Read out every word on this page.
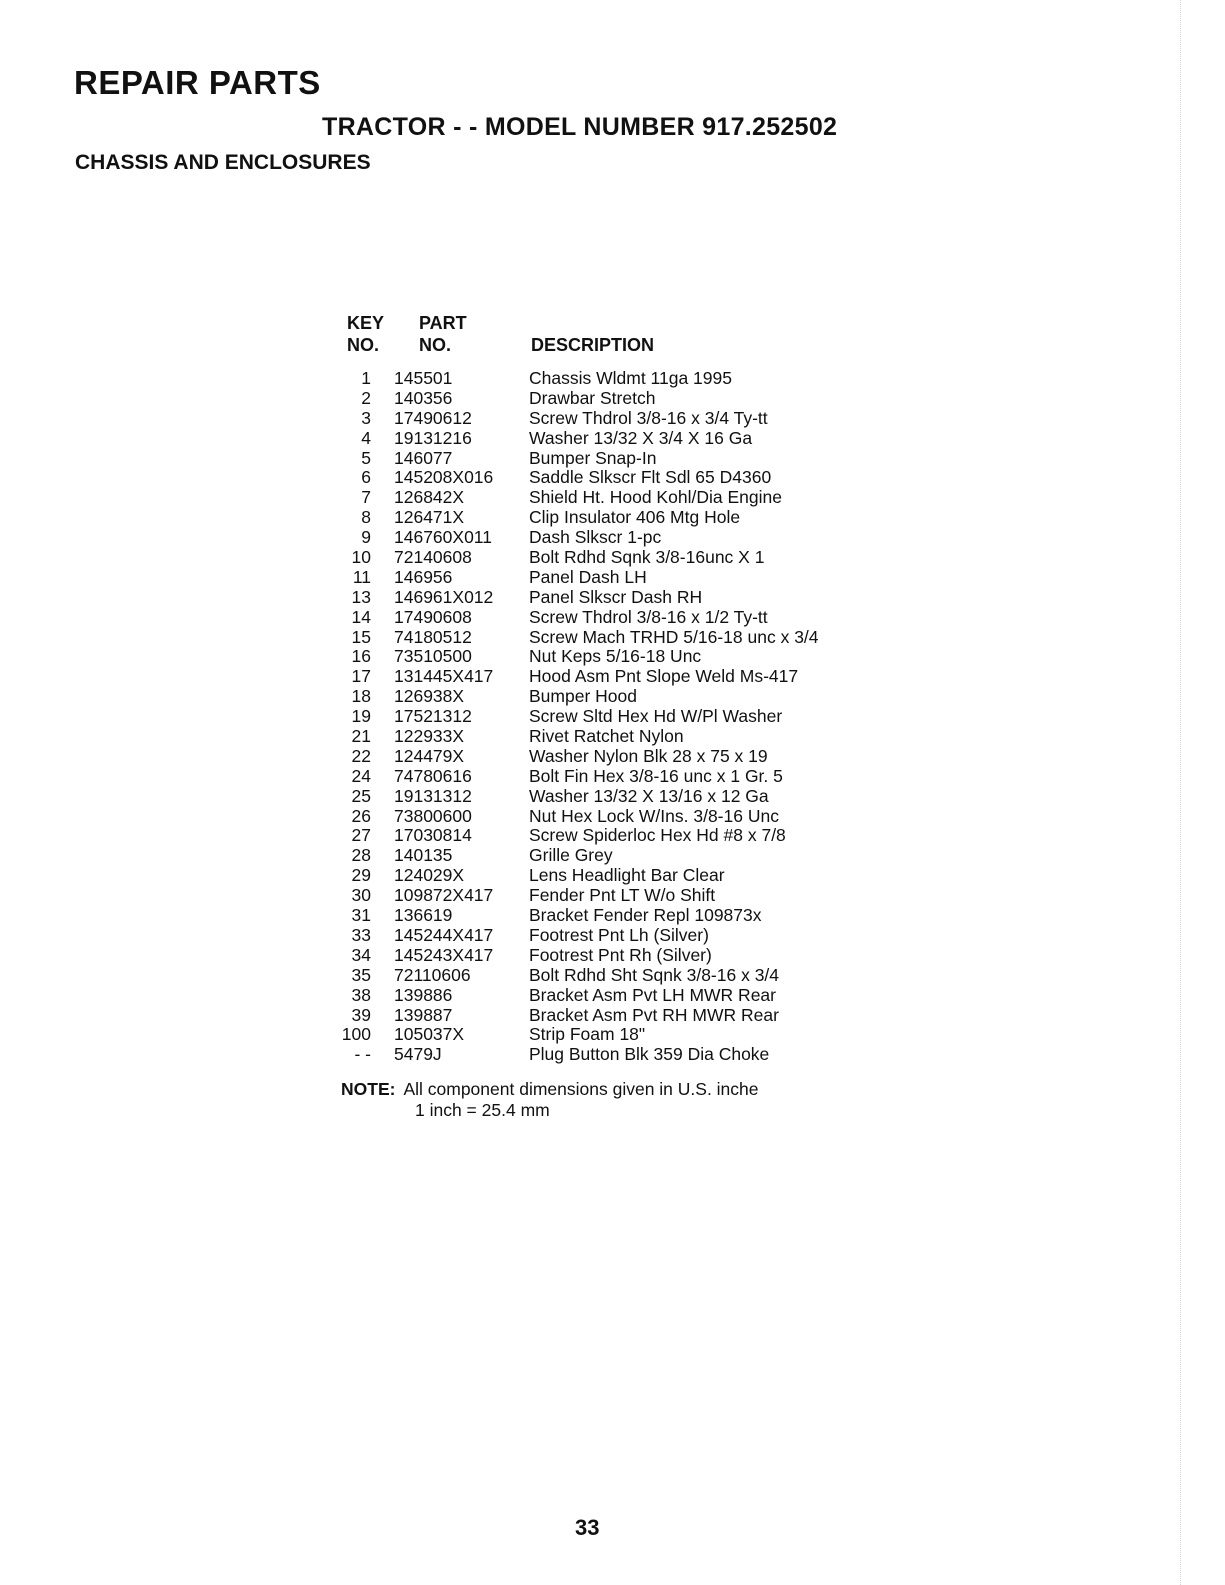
REPAIR PARTS
TRACTOR - - MODEL NUMBER 917.252502
CHASSIS AND ENCLOSURES
KEY
NO.
PART
NO.	DESCRIPTION
1 145501	Chassis Wldmt 11ga 1995
2 140356	Drawbar Stretch
3 17490612	Screw Thdrol 3/8-16 x 3/4 Ty-tt
4 19131216	Washer 13/32 X 3/4 X 16 Ga
5 146077	Bumper Snap-In
6 145208X016 Saddle Slkscr Flt Sdl 65 D4360
7 126842X	Shield Ht. Hood Kohl/Dia Engine
8 126471X	Clip Insulator 406 Mtg Hole
9 146760X011 Dash Slkscr 1-pc
10 72140608	Bolt Rdhd Sqnk 3/8-16unc X 1
11 146956	Panel Dash LH
13 146961X012 Panel Slkscr Dash RH
14 17490608	Screw Thdrol 3/8-16 x 1/2 Ty-tt
15 74180512	Screw Mach TRHD 5/16-18 unc x 3/4
16 73510500	Nut Keps 5/16-18 Unc
17 131445X417 Hood Asm Pnt Slope Weld Ms-417
18 126938X	Bumper Hood
19 17521312	Screw Sltd Hex Hd W/Pl Washer
21 122933X	Rivet Ratchet Nylon
22 124479X	Washer Nylon Blk 28 x 75 x 19
24 74780616	Bolt Fin Hex 3/8-16 unc x 1 Gr. 5
25 19131312	Washer 13/32 X 13/16 x 12 Ga
26 73800600	Nut Hex Lock W/Ins. 3/8-16 Unc
27 17030814	Screw Spiderloc Hex Hd #8 x 7/8
28 140135	Grille Grey
29 124029X	Lens Headlight Bar Clear
30 109872X417 Fender Pnt LT W/o Shift
31 136619	Bracket Fender Repl 109873x
33 145244X417 Footrest Pnt Lh (Silver)
34 145243X417 Footrest Pnt Rh (Silver)
35 72110606	Bolt Rdhd Sht Sqnk 3/8-16 x 3/4
38 139886	Bracket Asm Pvt LH MWR Rear
39 139887	Bracket Asm Pvt RH MWR Rear
100 105037X	Strip Foam 18"
- - 5479J	Plug Button Blk 359 Dia Choke
NOTE: All component dimensions given in U.S. inche
1 inch = 25.4 mm
33
